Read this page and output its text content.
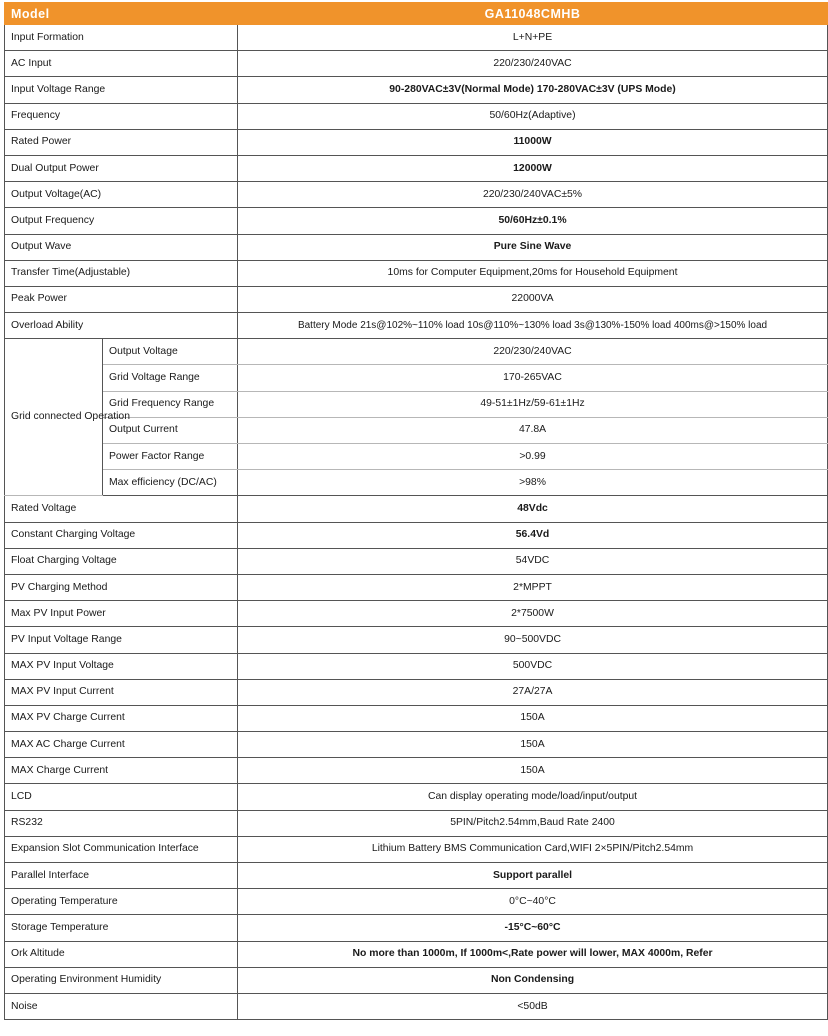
Model		GA11048CMHB
Input Formation		L+N+PE
AC Input		220/230/240VAC
Input Voltage Range		90-280VAC±3V(Normal Mode) 170-280VAC±3V (UPS Mode)
Frequency		50/60Hz(Adaptive)
Rated Power		11000W
Dual Output Power		12000W
Output Voltage(AC)		220/230/240VAC±5%
Output Frequency		50/60Hz±0.1%
Output Wave		Pure Sine Wave
Transfer Time(Adjustable)		10ms for Computer Equipment,20ms for Household Equipment
Peak Power		22000VA
Overload Ability		Battery Mode 21s@102%~110% load 10s@110%~130% load 3s@130%-150% load 400ms@>150% load
Grid connected Operation	Output Voltage	220/230/240VAC
	Grid Voltage Range	170-265VAC
	Grid Frequency Range	49-51±1Hz/59-61±1Hz
	Output Current	47.8A
	Power Factor Range	>0.99
	Max efficiency (DC/AC)	>98%
Rated Voltage		48Vdc
Constant Charging Voltage		56.4Vd
Float Charging Voltage		54VDC
PV Charging Method		2*MPPT
Max PV Input Power		2*7500W
PV Input Voltage Range		90~500VDC
MAX PV Input Voltage		500VDC
MAX PV Input Current		27A/27A
MAX PV Charge Current		150A
MAX AC Charge Current		150A
MAX Charge Current		150A
LCD		Can display operating mode/load/input/output
RS232		5PIN/Pitch2.54mm,Baud Rate 2400
Expansion Slot Communication Interface		Lithium Battery BMS Communication Card,WIFI 2×5PIN/Pitch2.54mm
Parallel Interface		Support parallel
Operating Temperature		0°C~40°C
Storage Temperature		-15°C~60°C
Ork Altitude		No more than 1000m, If 1000m<,Rate power will lower, MAX 4000m, Refer
Operating Environment Humidity		Non Condensing
Noise		<50dB
